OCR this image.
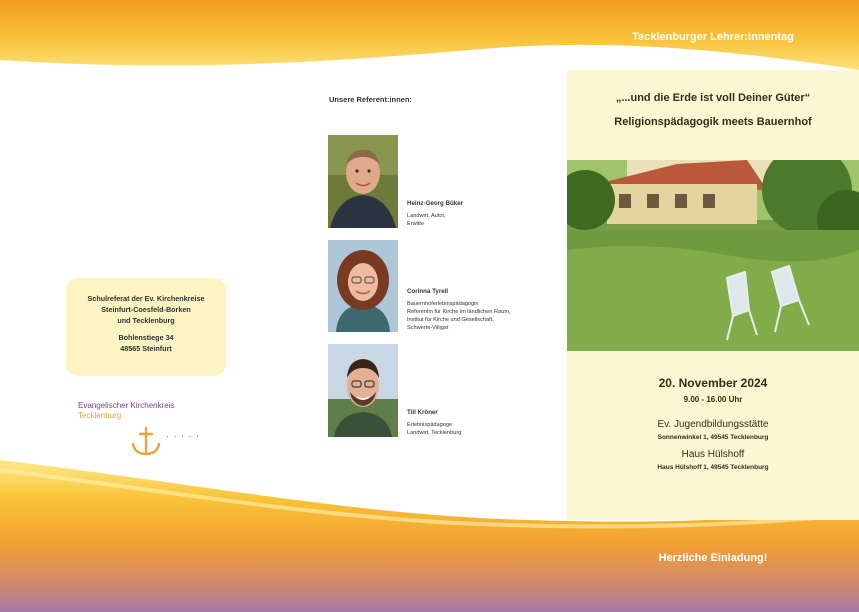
Tecklenburger Lehrer:innentag
2024
„...und die Erde ist voll Deiner Güter“
Religionspädagogik meets Bauernhof
20. November 2024
9.00 - 16.00 Uhr
Ev. Jugendbildungsstätte
Sonnenwinkel 1, 49545 Tecklenburg
Haus Hülshoff
Haus Hülshoff 1, 49545 Tecklenburg
Herzliche Einladung!
Unsere Referent:innen:
Heinz-Georg Büker
Landwirt, Autor,
Erwitte
Corinna Tyrell
Bauernhoferlebnispädagogin
Referentin für Kirche im ländlichen Raum,
Institut für Kirche und Gesellschaft,
Schwerte-Villigst
Till Kröner
Erlebnispädagoge
Landwirt, Tecklenburg
Schulreferat der Ev. Kirchenkreise
Steinfurt-Coesfeld-Borken
und Tecklenburg
Bohlenstiege 34
48565 Steinfurt
Evangelischer Kirchenkreis
Tecklenburg
· · · · ·
